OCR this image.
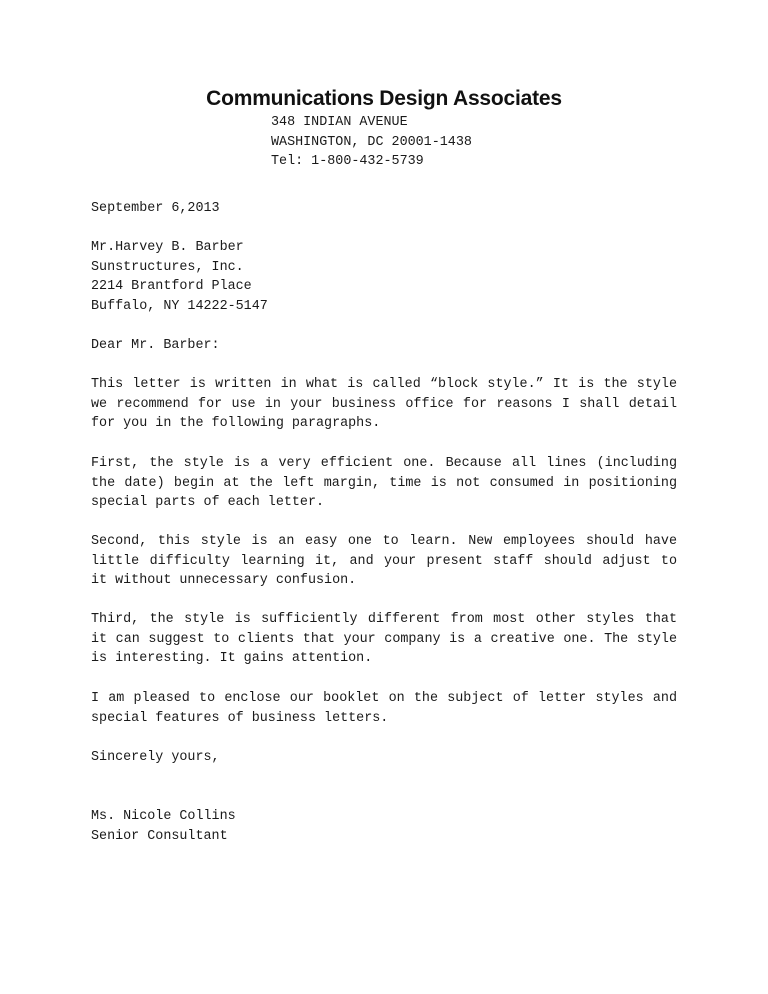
Communications Design Associates
348 INDIAN AVENUE
WASHINGTON, DC 20001-1438
Tel: 1-800-432-5739
September 6,2013
Mr.Harvey B. Barber
Sunstructures, Inc.
2214 Brantford Place
Buffalo, NY 14222-5147
Dear Mr. Barber:
This letter is written in what is called “block style.” It is the style we recommend for use in your business office for reasons I shall detail for you in the following paragraphs.
First, the style is a very efficient one. Because all lines (including the date) begin at the left margin, time is not consumed in positioning special parts of each letter.
Second, this style is an easy one to learn. New employees should have little difficulty learning it, and your present staff should adjust to it without unnecessary confusion.
Third, the style is sufficiently different from most other styles that it can suggest to clients that your company is a creative one. The style is interesting. It gains attention.
I am pleased to enclose our booklet on the subject of letter styles and special features of business letters.
Sincerely yours,
Ms. Nicole Collins
Senior Consultant
